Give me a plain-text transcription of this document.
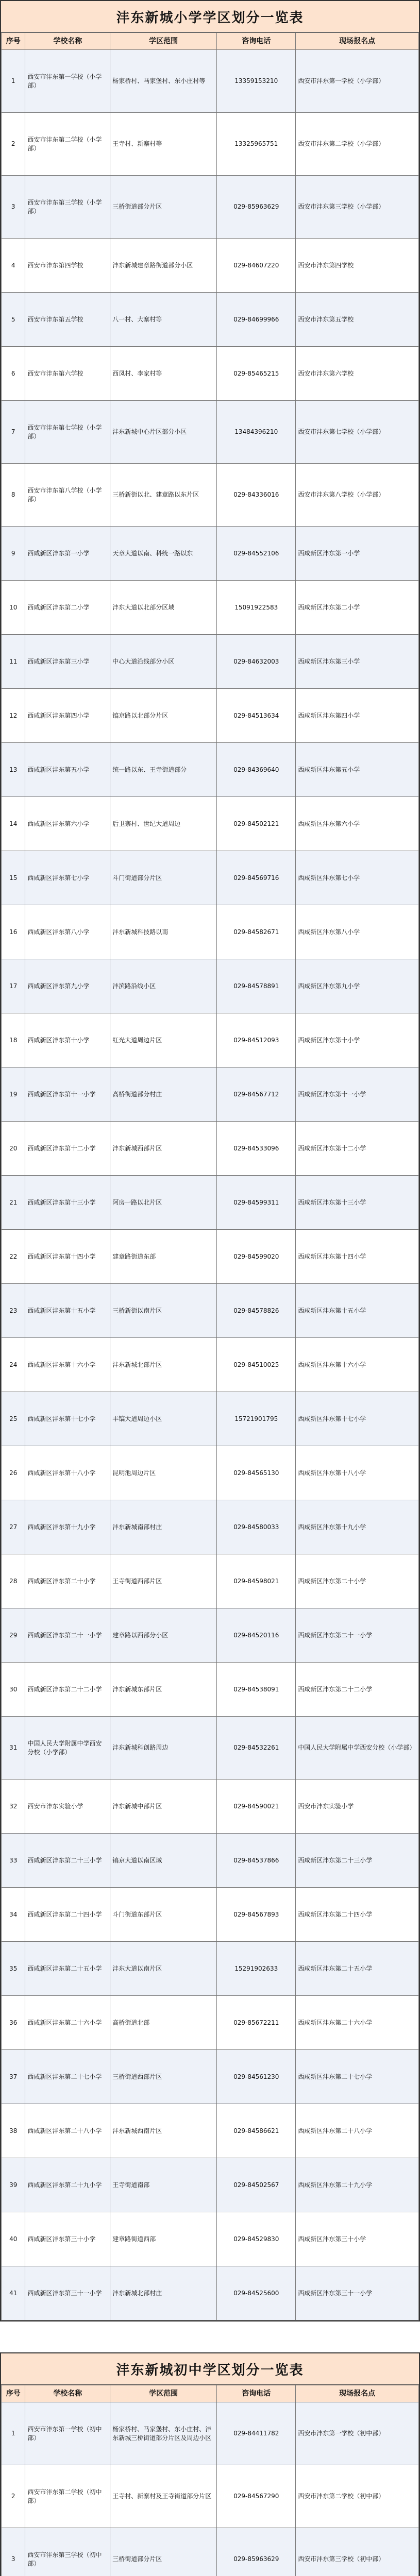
沣东新城小学学区划分一览表
序号	学校名称	学区范围	咨询电话	现场报名点
1	西安市沣东第一学校（小学部）	杨家桥村、马家堡村、东小庄村等	13359153210	西安市沣东第一学校（小学部）
2	西安市沣东第二学校（小学部）	王寺村、新寨村等	13325965751	西安市沣东第二学校（小学部）
3	西安市沣东第三学校（小学部）	三桥街道部分片区	029-85963629	西安市沣东第三学校（小学部）
4	西安市沣东第四学校	沣东新城建章路街道部分小区	029-84607220	西安市沣东第四学校
5	西安市沣东第五学校	八一村、大寨村等	029-84699966	西安市沣东第五学校
6	西安市沣东第六学校	西凤村、李家村等	029-85465215	西安市沣东第六学校
7	西安市沣东第七学校（小学部）	沣东新城中心片区部分小区	13484396210	西安市沣东第七学校（小学部）
8	西安市沣东第八学校（小学部）	三桥新街以北、建章路以东片区	029-84336016	西安市沣东第八学校（小学部）
9	西咸新区沣东第一小学	天章大道以南、科统一路以东	029-84552106	西咸新区沣东第一小学
10	西咸新区沣东第二小学	沣东大道以北部分区域	15091922583	西咸新区沣东第二小学
11	西咸新区沣东第三小学	中心大道沿线部分小区	029-84632003	西咸新区沣东第三小学
12	西咸新区沣东第四小学	镐京路以北部分片区	029-84513634	西咸新区沣东第四小学
13	西咸新区沣东第五小学	统一路以东、王寺街道部分	029-84369640	西咸新区沣东第五小学
14	西咸新区沣东第六小学	后卫寨村、世纪大道周边	029-84502121	西咸新区沣东第六小学
15	西咸新区沣东第七小学	斗门街道部分片区	029-84569716	西咸新区沣东第七小学
16	西咸新区沣东第八小学	沣东新城科技路以南	029-84582671	西咸新区沣东第八小学
17	西咸新区沣东第九小学	沣滨路沿线小区	029-84578891	西咸新区沣东第九小学
18	西咸新区沣东第十小学	红光大道周边片区	029-84512093	西咸新区沣东第十小学
19	西咸新区沣东第十一小学	高桥街道部分村庄	029-84567712	西咸新区沣东第十一小学
20	西咸新区沣东第十二小学	沣东新城西部片区	029-84533096	西咸新区沣东第十二小学
21	西咸新区沣东第十三小学	阿房一路以北片区	029-84599311	西咸新区沣东第十三小学
22	西咸新区沣东第十四小学	建章路街道东部	029-84599020	西咸新区沣东第十四小学
23	西咸新区沣东第十五小学	三桥新街以南片区	029-84578826	西咸新区沣东第十五小学
24	西咸新区沣东第十六小学	沣东新城北部片区	029-84510025	西咸新区沣东第十六小学
25	西咸新区沣东第十七小学	丰镐大道周边小区	15721901795	西咸新区沣东第十七小学
26	西咸新区沣东第十八小学	昆明池周边片区	029-84565130	西咸新区沣东第十八小学
27	西咸新区沣东第十九小学	沣东新城南部村庄	029-84580033	西咸新区沣东第十九小学
28	西咸新区沣东第二十小学	王寺街道西部片区	029-84598021	西咸新区沣东第二十小学
29	西咸新区沣东第二十一小学	建章路以西部分小区	029-84520116	西咸新区沣东第二十一小学
30	西咸新区沣东第二十二小学	沣东新城东部片区	029-84538091	西咸新区沣东第二十二小学
31	中国人民大学附属中学西安分校（小学部）	沣东新城科创路周边	029-84532261	中国人民大学附属中学西安分校（小学部）
32	西安市沣东实验小学	沣东新城中部片区	029-84590021	西安市沣东实验小学
33	西咸新区沣东第二十三小学	镐京大道以南区域	029-84537866	西咸新区沣东第二十三小学
34	西咸新区沣东第二十四小学	斗门街道东部片区	029-84567893	西咸新区沣东第二十四小学
35	西咸新区沣东第二十五小学	沣东大道以南片区	15291902633	西咸新区沣东第二十五小学
36	西咸新区沣东第二十六小学	高桥街道北部	029-85672211	西咸新区沣东第二十六小学
37	西咸新区沣东第二十七小学	三桥街道西部片区	029-84561230	西咸新区沣东第二十七小学
38	西咸新区沣东第二十八小学	沣东新城西南片区	029-84586621	西咸新区沣东第二十八小学
39	西咸新区沣东第二十九小学	王寺街道南部	029-84502567	西咸新区沣东第二十九小学
40	西咸新区沣东第三十小学	建章路街道西部	029-84529830	西咸新区沣东第三十小学
41	西咸新区沣东第三十一小学	沣东新城北部村庄	029-84525600	西咸新区沣东第三十一小学
沣东新城初中学区划分一览表
序号	学校名称	学区范围	咨询电话	现场报名点
1	西安市沣东第一学校（初中部）	杨家桥村、马家堡村、东小庄村、沣东新城三桥街道部分片区及周边小区	029-84411782	西安市沣东第一学校（初中部）
2	西安市沣东第二学校（初中部）	王寺村、新寨村及王寺街道部分片区	029-84567290	西安市沣东第二学校（初中部）
3	西安市沣东第三学校（初中部）	三桥街道部分片区	029-85963629	西安市沣东第三学校（初中部）
